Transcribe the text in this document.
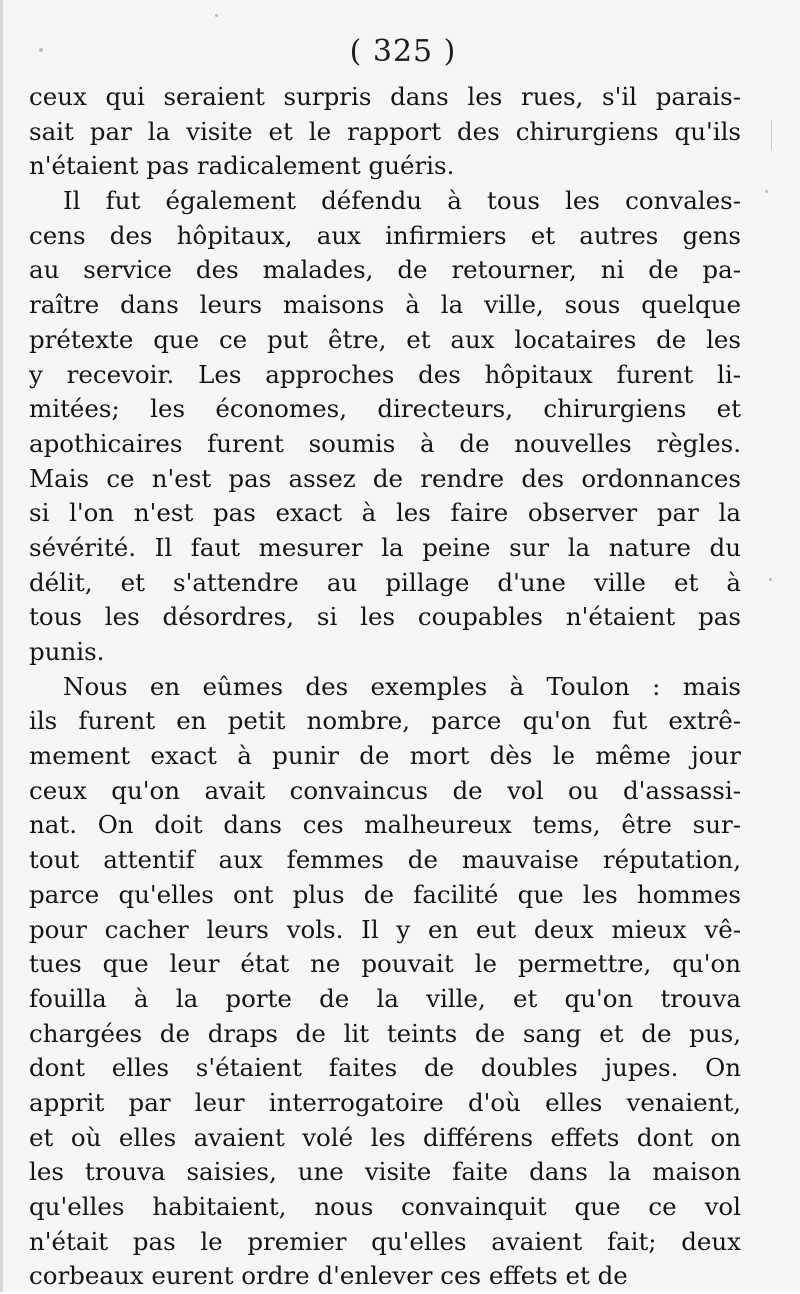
( 325 )
ceux qui seraient surpris dans les rues, s'il parais-
sait par la visite et le rapport des chirurgiens qu'ils
n'étaient pas radicalement guéris.
Il fut également défendu à tous les convales-
cens des hôpitaux, aux infirmiers et autres gens
au service des malades, de retourner, ni de pa-
raître dans leurs maisons à la ville, sous quelque
prétexte que ce put être, et aux locataires de les
y recevoir. Les approches des hôpitaux furent li-
mitées; les économes, directeurs, chirurgiens et
apothicaires furent soumis à de nouvelles règles.
Mais ce n'est pas assez de rendre des ordonnances
si l'on n'est pas exact à les faire observer par la
sévérité. Il faut mesurer la peine sur la nature du
délit, et s'attendre au pillage d'une ville et à
tous les désordres, si les coupables n'étaient pas
punis.
Nous en eûmes des exemples à Toulon : mais
ils furent en petit nombre, parce qu'on fut extrê-
mement exact à punir de mort dès le même jour
ceux qu'on avait convaincus de vol ou d'assassi-
nat. On doit dans ces malheureux tems, être sur-
tout attentif aux femmes de mauvaise réputation,
parce qu'elles ont plus de facilité que les hommes
pour cacher leurs vols. Il y en eut deux mieux vê-
tues que leur état ne pouvait le permettre, qu'on
fouilla à la porte de la ville, et qu'on trouva
chargées de draps de lit teints de sang et de pus,
dont elles s'étaient faites de doubles jupes. On
apprit par leur interrogatoire d'où elles venaient,
et où elles avaient volé les différens effets dont on
les trouva saisies, une visite faite dans la maison
qu'elles habitaient, nous convainquit que ce vol
n'était pas le premier qu'elles avaient fait; deux
corbeaux eurent ordre d'enlever ces effets et de
